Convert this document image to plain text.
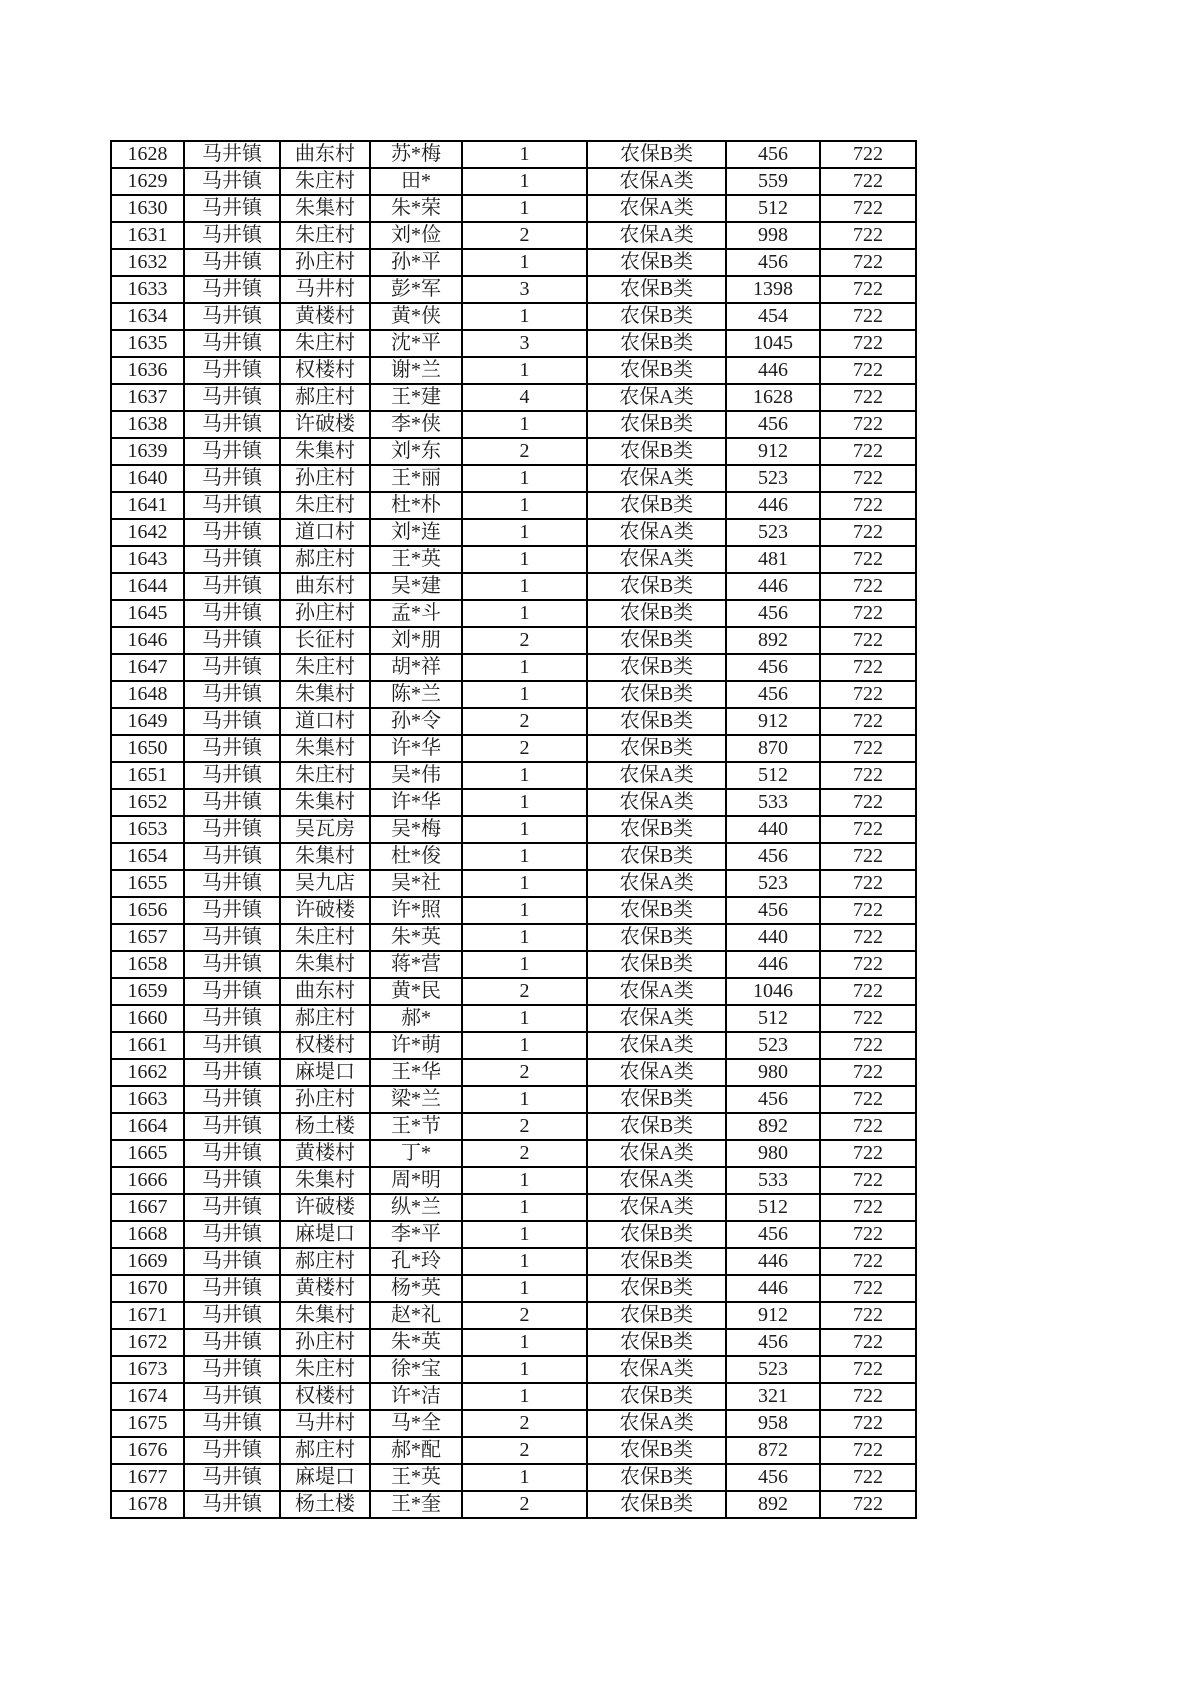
1628	马井镇	曲东村	苏*梅	1	农保B类	456	722
1629	马井镇	朱庄村	田*	1	农保A类	559	722
1630	马井镇	朱集村	朱*荣	1	农保A类	512	722
1631	马井镇	朱庄村	刘*俭	2	农保A类	998	722
1632	马井镇	孙庄村	孙*平	1	农保B类	456	722
1633	马井镇	马井村	彭*军	3	农保B类	1398	722
1634	马井镇	黄楼村	黄*侠	1	农保B类	454	722
1635	马井镇	朱庄村	沈*平	3	农保B类	1045	722
1636	马井镇	权楼村	谢*兰	1	农保B类	446	722
1637	马井镇	郝庄村	王*建	4	农保A类	1628	722
1638	马井镇	许破楼	李*侠	1	农保B类	456	722
1639	马井镇	朱集村	刘*东	2	农保B类	912	722
1640	马井镇	孙庄村	王*丽	1	农保A类	523	722
1641	马井镇	朱庄村	杜*朴	1	农保B类	446	722
1642	马井镇	道口村	刘*连	1	农保A类	523	722
1643	马井镇	郝庄村	王*英	1	农保A类	481	722
1644	马井镇	曲东村	吴*建	1	农保B类	446	722
1645	马井镇	孙庄村	孟*斗	1	农保B类	456	722
1646	马井镇	长征村	刘*朋	2	农保B类	892	722
1647	马井镇	朱庄村	胡*祥	1	农保B类	456	722
1648	马井镇	朱集村	陈*兰	1	农保B类	456	722
1649	马井镇	道口村	孙*令	2	农保B类	912	722
1650	马井镇	朱集村	许*华	2	农保B类	870	722
1651	马井镇	朱庄村	吴*伟	1	农保A类	512	722
1652	马井镇	朱集村	许*华	1	农保A类	533	722
1653	马井镇	吴瓦房	吴*梅	1	农保B类	440	722
1654	马井镇	朱集村	杜*俊	1	农保B类	456	722
1655	马井镇	吴九店	吴*社	1	农保A类	523	722
1656	马井镇	许破楼	许*照	1	农保B类	456	722
1657	马井镇	朱庄村	朱*英	1	农保B类	440	722
1658	马井镇	朱集村	蒋*营	1	农保B类	446	722
1659	马井镇	曲东村	黄*民	2	农保A类	1046	722
1660	马井镇	郝庄村	郝*	1	农保A类	512	722
1661	马井镇	权楼村	许*萌	1	农保A类	523	722
1662	马井镇	麻堤口	王*华	2	农保A类	980	722
1663	马井镇	孙庄村	梁*兰	1	农保B类	456	722
1664	马井镇	杨土楼	王*节	2	农保B类	892	722
1665	马井镇	黄楼村	丁*	2	农保A类	980	722
1666	马井镇	朱集村	周*明	1	农保A类	533	722
1667	马井镇	许破楼	纵*兰	1	农保A类	512	722
1668	马井镇	麻堤口	李*平	1	农保B类	456	722
1669	马井镇	郝庄村	孔*玲	1	农保B类	446	722
1670	马井镇	黄楼村	杨*英	1	农保B类	446	722
1671	马井镇	朱集村	赵*礼	2	农保B类	912	722
1672	马井镇	孙庄村	朱*英	1	农保B类	456	722
1673	马井镇	朱庄村	徐*宝	1	农保A类	523	722
1674	马井镇	权楼村	许*洁	1	农保B类	321	722
1675	马井镇	马井村	马*全	2	农保A类	958	722
1676	马井镇	郝庄村	郝*配	2	农保B类	872	722
1677	马井镇	麻堤口	王*英	1	农保B类	456	722
1678	马井镇	杨土楼	王*奎	2	农保B类	892	722
